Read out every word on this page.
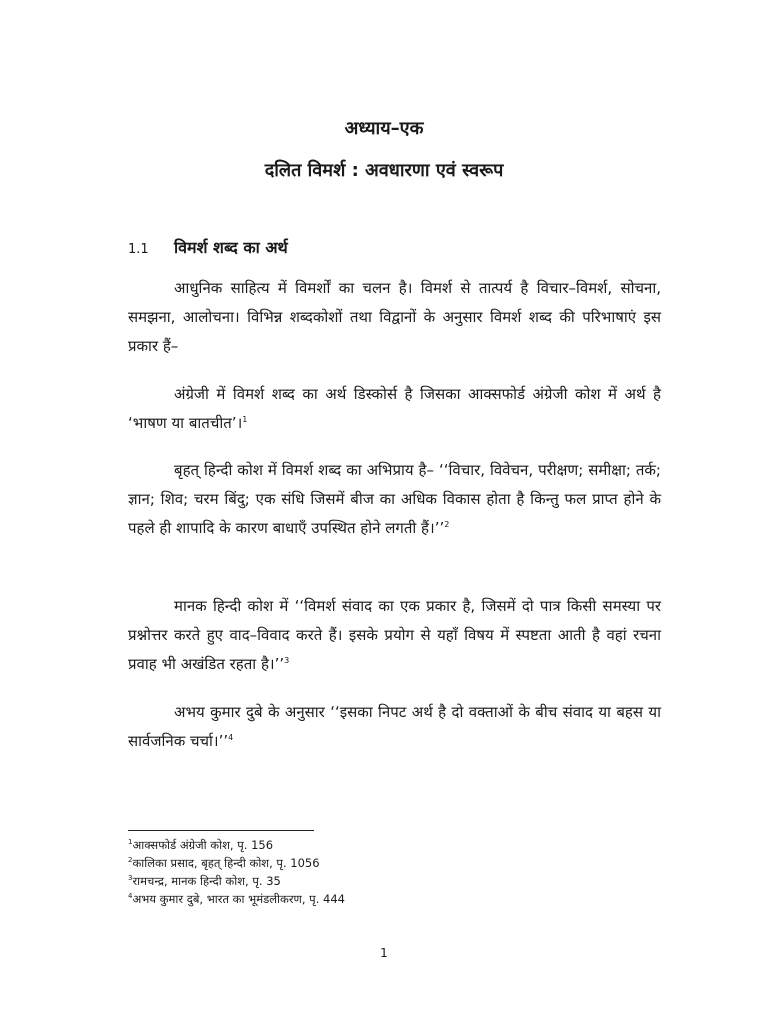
अध्याय–एक
दलित विमर्श : अवधारणा एवं स्वरूप
1.1 विमर्श शब्द का अर्थ

आधुनिक साहित्य में विमर्शों का चलन है। विमर्श से तात्पर्य है विचार–विमर्श, सोचना, समझना, आलोचना। विभिन्न शब्दकोशों तथा विद्वानों के अनुसार विमर्श शब्द की परिभाषाएं इस प्रकार हैं–

अंग्रेजी में विमर्श शब्द का अर्थ डिस्कोर्स है जिसका आक्सफोर्ड अंग्रेजी कोश में अर्थ है ‘भाषण या बातचीत’।$^1$

बृहत् हिन्दी कोश में विमर्श शब्द का अभिप्राय है– ‘‘विचार, विवेचन, परीक्षण; समीक्षा; तर्क; ज्ञान; शिव; चरम बिंदु; एक संधि जिसमें बीज का अधिक विकास होता है किन्तु फल प्राप्त होने के पहले ही शापादि के कारण बाधाएँ उपस्थित होने लगती हैं।’’$^2$

मानक हिन्दी कोश में ‘‘विमर्श संवाद का एक प्रकार है, जिसमें दो पात्र किसी समस्या पर प्रश्नोत्तर करते हुए वाद–विवाद करते हैं। इसके प्रयोग से यहाँ विषय में स्पष्टता आती है वहां रचना प्रवाह भी अखंडित रहता है।’’$^3$

अभय कुमार दुबे के अनुसार ‘‘इसका निपट अर्थ है दो वक्ताओं के बीच संवाद या बहस या सार्वजनिक चर्चा।’’$^4$

$^1$आक्सफोर्ड अंग्रेजी कोश, पृ. 156
$^2$कालिका प्रसाद, बृहत् हिन्दी कोश, पृ. 1056
$^3$रामचन्द्र, मानक हिन्दी कोश, पृ. 35
$^4$अभय कुमार दुबे, भारत का भूमंडलीकरण, पृ. 444
1
